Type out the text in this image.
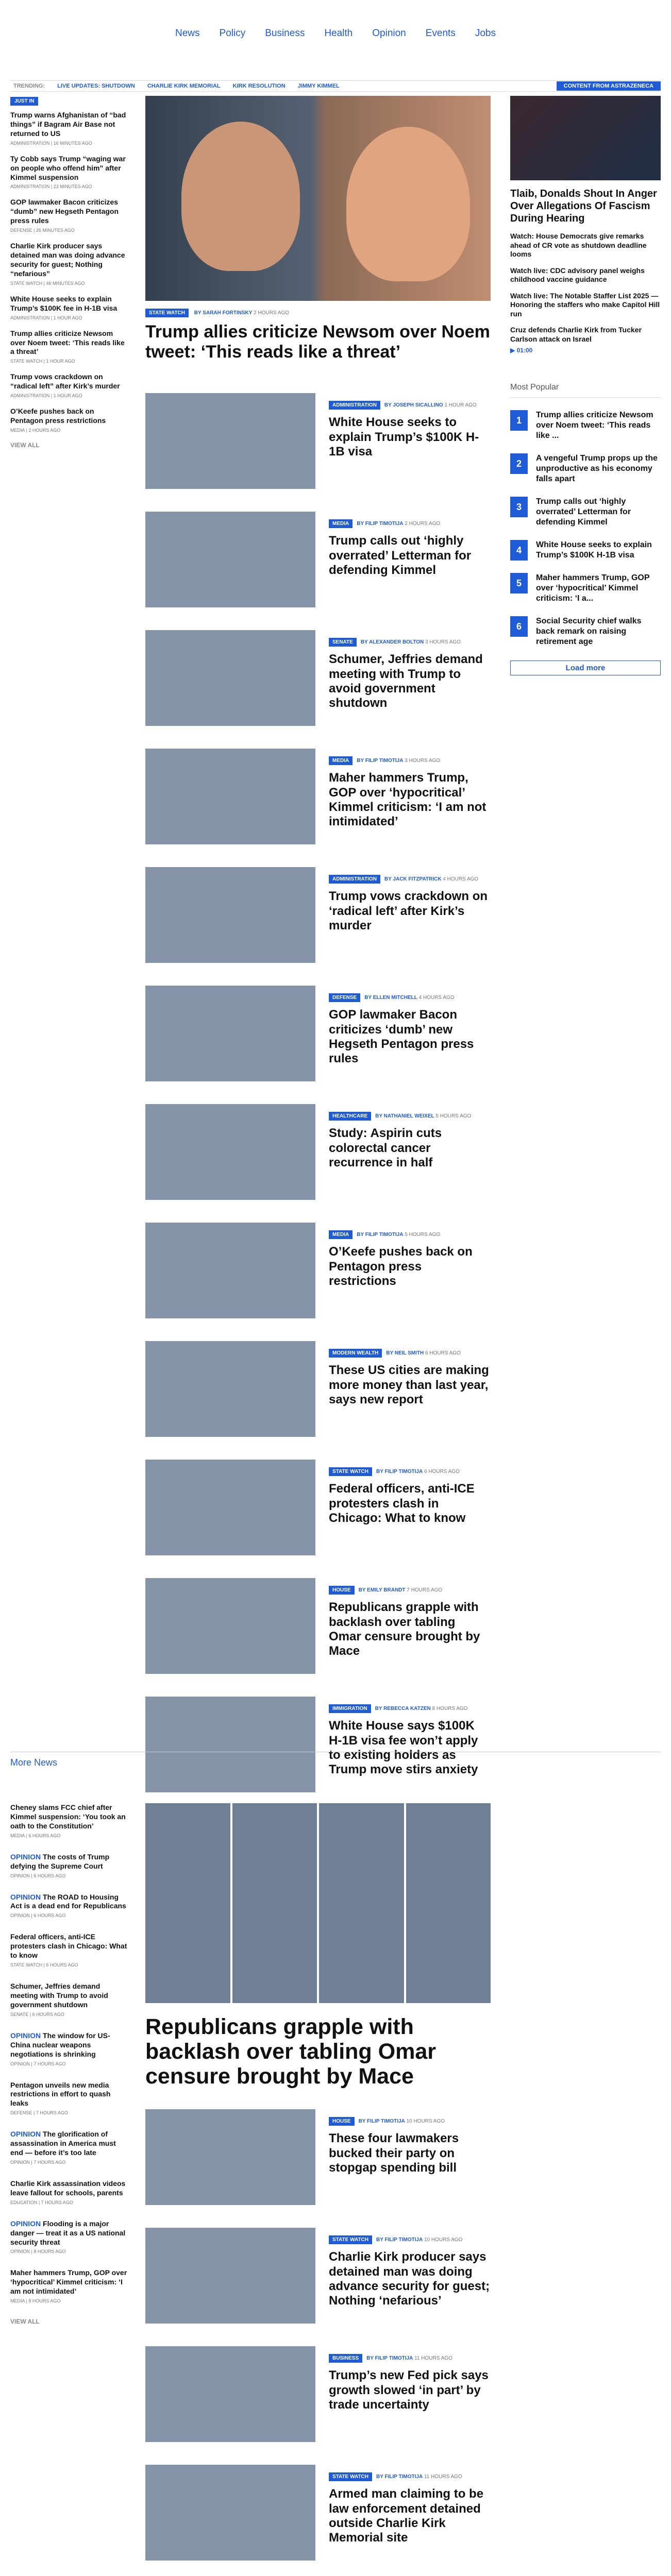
News Policy Business Health Opinion Events Jobs
TRENDING: LIVE UPDATES: SHUTDOWN CHARLIE KIRK MEMORIAL KIRK RESOLUTION JIMMY KIMMEL	CONTENT FROM ASTRAZENECA
JUST IN
Trump warns Afghanistan of “bad things” if Bagram Air Base not returned to US
ADMINISTRATION | 16 MINUTES AGO
Ty Cobb says Trump “waging war on people who offend him” after Kimmel suspension
ADMINISTRATION | 23 MINUTES AGO
GOP lawmaker Bacon criticizes “dumb” new Hegseth Pentagon press rules
DEFENSE | 26 MINUTES AGO
Charlie Kirk producer says detained man was doing advance security for guest; Nothing “nefarious”
STATE WATCH | 46 MINUTES AGO
White House seeks to explain Trump’s $100K fee in H-1B visa
ADMINISTRATION | 1 HOUR AGO
Trump allies criticize Newsom over Noem tweet: ‘This reads like a threat’
STATE WATCH | 1 HOUR AGO
Trump vows crackdown on “radical left” after Kirk’s murder
ADMINISTRATION | 1 HOUR AGO
O’Keefe pushes back on Pentagon press restrictions
MEDIA | 2 HOURS AGO
VIEW ALL
STATE WATCH BY SARAH FORTINSKY 2 HOURS AGO
Trump allies criticize Newsom over Noem tweet: ‘This reads like a threat’
ADMINISTRATION BY JOSEPH SICALLINO 1 HOUR AGO
White House seeks to explain Trump’s $100K H-1B visa
MEDIA BY FILIP TIMOTIJA 2 HOURS AGO
Trump calls out ‘highly overrated’ Letterman for defending Kimmel
SENATE BY ALEXANDER BOLTON 3 HOURS AGO
Schumer, Jeffries demand meeting with Trump to avoid government shutdown
MEDIA BY FILIP TIMOTIJA 3 HOURS AGO
Maher hammers Trump, GOP over ‘hypocritical’ Kimmel criticism: ‘I am not intimidated’
ADMINISTRATION BY JACK FITZPATRICK 4 HOURS AGO
Trump vows crackdown on ‘radical left’ after Kirk’s murder
DEFENSE BY ELLEN MITCHELL 4 HOURS AGO
GOP lawmaker Bacon criticizes ‘dumb’ new Hegseth Pentagon press rules
HEALTHCARE BY NATHANIEL WEIXEL 5 HOURS AGO
Study: Aspirin cuts colorectal cancer recurrence in half
MEDIA BY FILIP TIMOTIJA 5 HOURS AGO
O’Keefe pushes back on Pentagon press restrictions
MODERN WEALTH BY NEIL SMITH 6 HOURS AGO
These US cities are making more money than last year, says new report
STATE WATCH BY FILIP TIMOTIJA 6 HOURS AGO
Federal officers, anti-ICE protesters clash in Chicago: What to know
HOUSE BY EMILY BRANDT 7 HOURS AGO
Republicans grapple with backlash over tabling Omar censure brought by Mace
IMMIGRATION BY REBECCA KATZEN 8 HOURS AGO
White House says $100K H-1B visa fee won’t apply to existing holders as Trump move stirs anxiety
Tlaib, Donalds Shout In Anger Over Allegations Of Fascism During Hearing
Watch: House Democrats give remarks ahead of CR vote as shutdown deadline looms
Watch live: CDC advisory panel weighs childhood vaccine guidance
Watch live: The Notable Staffer List 2025 — Honoring the staffers who make Capitol Hill run
Cruz defends Charlie Kirk from Tucker Carlson attack on Israel
▶ 01:00
Most Popular
1	Trump allies criticize Newsom over Noem tweet: ‘This reads like ...
2	A vengeful Trump props up the unproductive as his economy falls apart
3	Trump calls out ‘highly overrated’ Letterman for defending Kimmel
4	White House seeks to explain Trump’s $100K H-1B visa
5	Maher hammers Trump, GOP over ‘hypocritical’ Kimmel criticism: ‘I a...
6	Social Security chief walks back remark on raising retirement age
Load more
More News
Cheney slams FCC chief after Kimmel suspension: ‘You took an oath to the Constitution’
MEDIA | 6 HOURS AGO
OPINION The costs of Trump defying the Supreme Court
OPINION | 6 HOURS AGO
OPINION The ROAD to Housing Act is a dead end for Republicans
OPINION | 6 HOURS AGO
Federal officers, anti-ICE protesters clash in Chicago: What to know
STATE WATCH | 6 HOURS AGO
Schumer, Jeffries demand meeting with Trump to avoid government shutdown
SENATE | 6 HOURS AGO
OPINION The window for US-China nuclear weapons negotiations is shrinking
OPINION | 7 HOURS AGO
Pentagon unveils new media restrictions in effort to quash leaks
DEFENSE | 7 HOURS AGO
OPINION The glorification of assassination in America must end — before it’s too late
OPINION | 7 HOURS AGO
Charlie Kirk assassination videos leave fallout for schools, parents
EDUCATION | 7 HOURS AGO
OPINION Flooding is a major danger — treat it as a US national security threat
OPINION | 8 HOURS AGO
Maher hammers Trump, GOP over ‘hypocritical’ Kimmel criticism: ‘I am not intimidated’
MEDIA | 8 HOURS AGO
VIEW ALL
Republicans grapple with backlash over tabling Omar censure brought by Mace
HOUSE BY FILIP TIMOTIJA 10 HOURS AGO
These four lawmakers bucked their party on stopgap spending bill
STATE WATCH BY FILIP TIMOTIJA 10 HOURS AGO
Charlie Kirk producer says detained man was doing advance security for guest; Nothing ‘nefarious’
BUSINESS BY FILIP TIMOTIJA 11 HOURS AGO
Trump’s new Fed pick says growth slowed ‘in part’ by trade uncertainty
STATE WATCH BY FILIP TIMOTIJA 11 HOURS AGO
Armed man claiming to be law enforcement detained outside Charlie Kirk Memorial site
